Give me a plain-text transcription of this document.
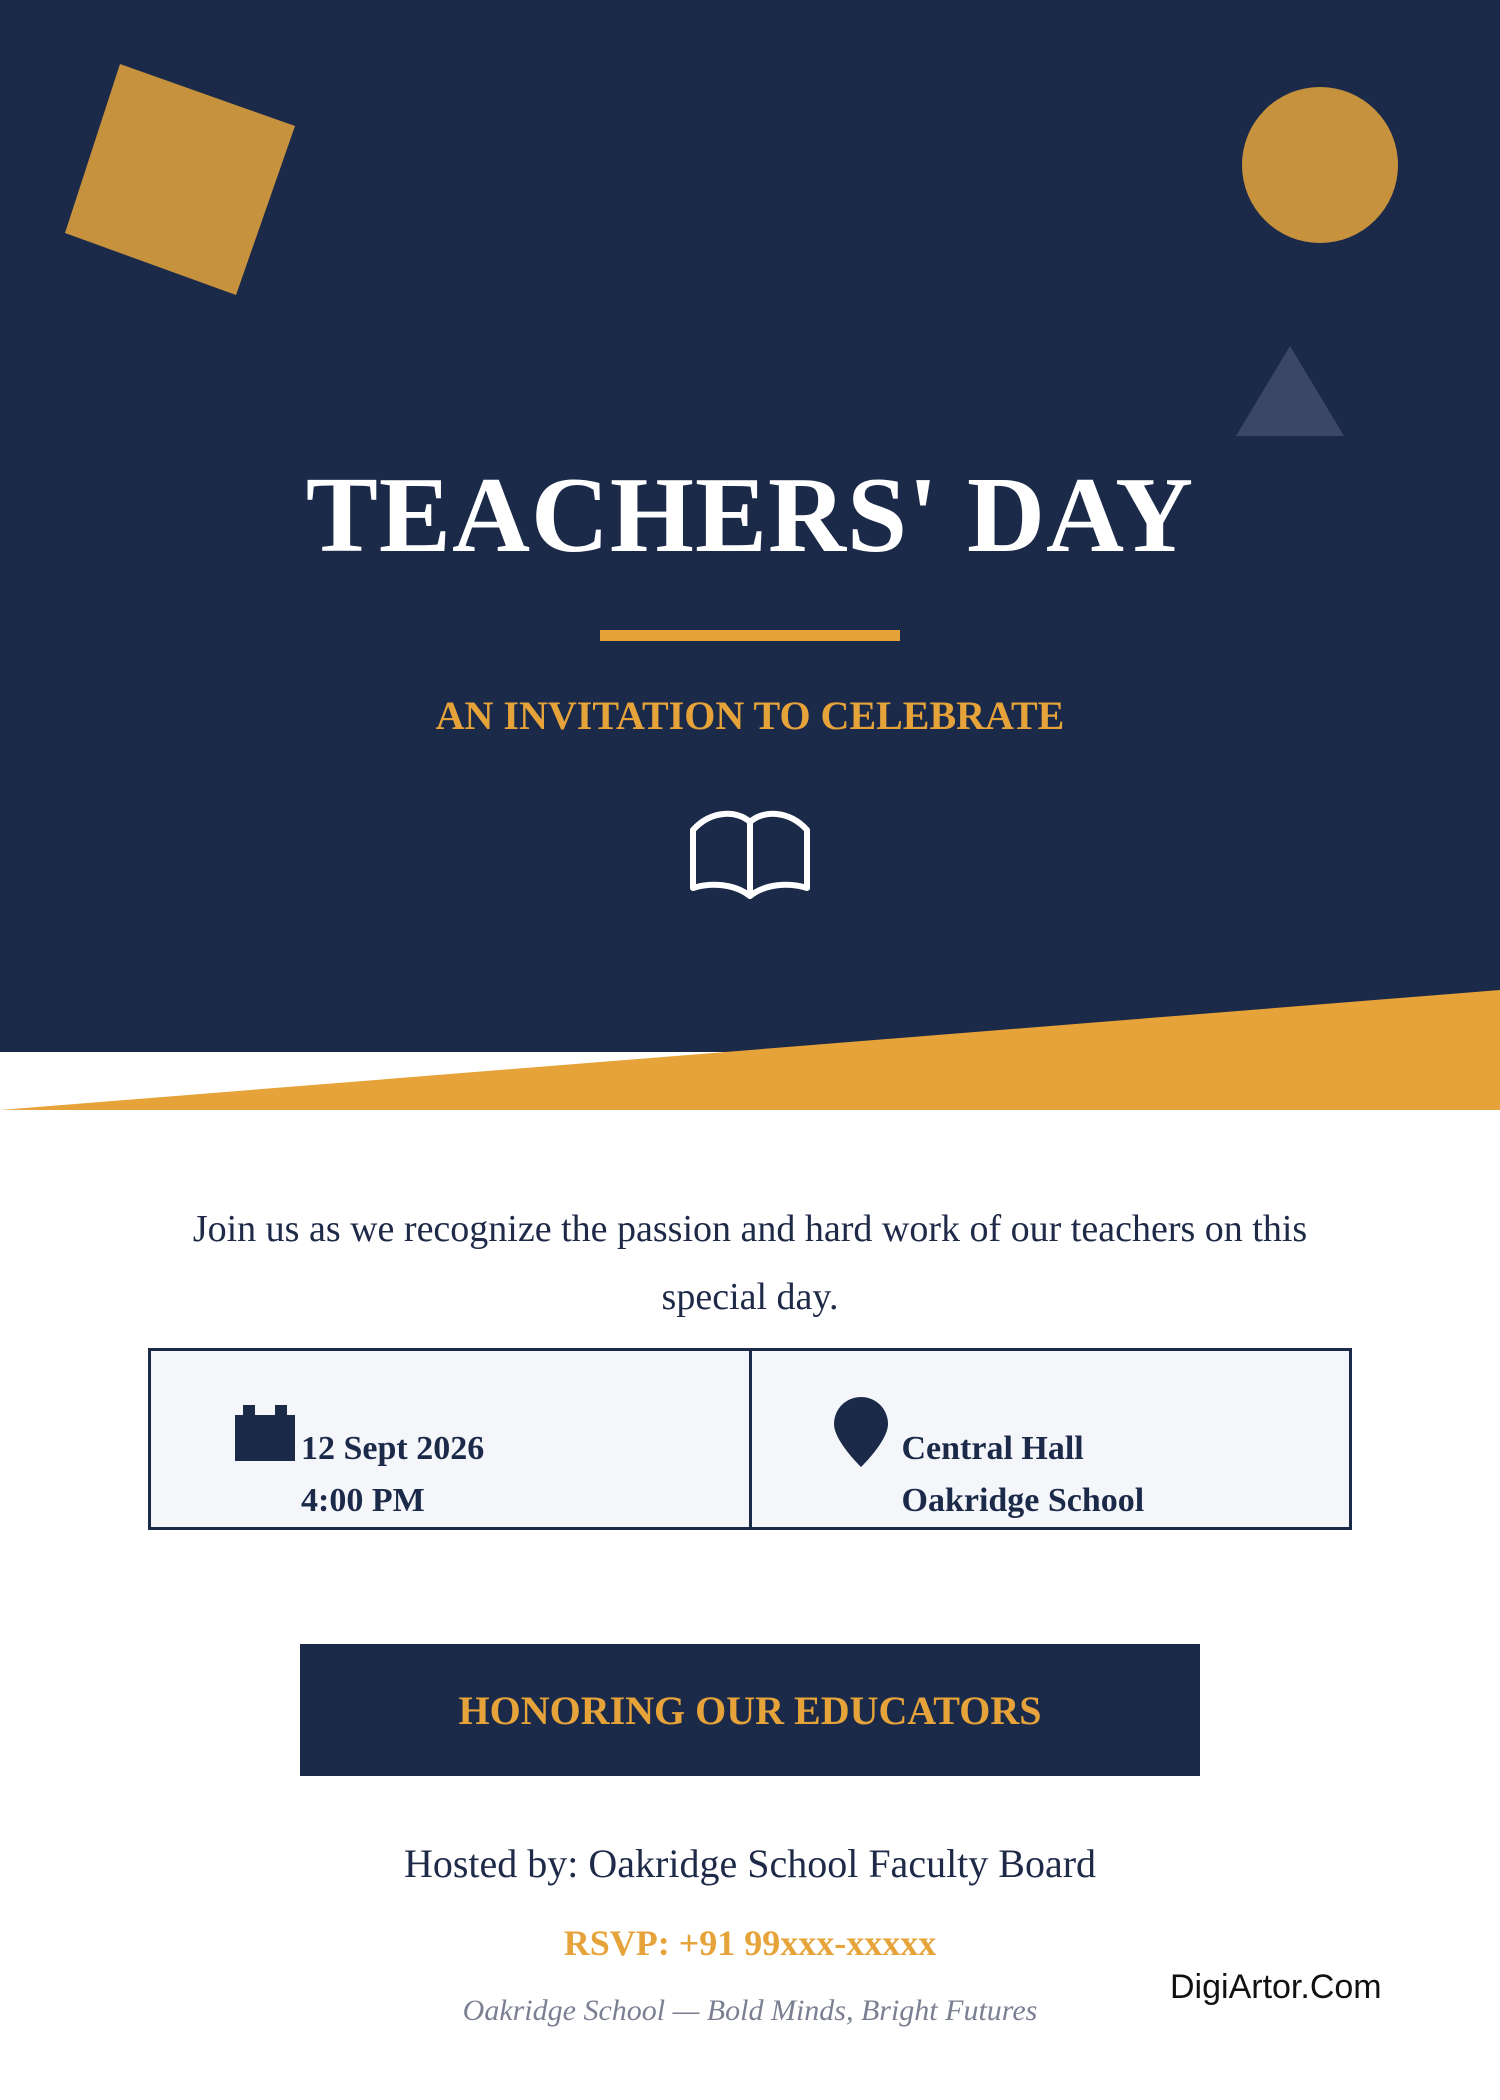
TEACHERS' DAY
AN INVITATION TO CELEBRATE
Join us as we recognize the passion and hard work of our teachers on this special day.
12 Sept 2026
4:00 PM
Central Hall
Oakridge School
HONORING OUR EDUCATORS
Hosted by: Oakridge School Faculty Board
RSVP: +91 99xxx-xxxxx
Oakridge School — Bold Minds, Bright Futures
DigiArtor.Com
